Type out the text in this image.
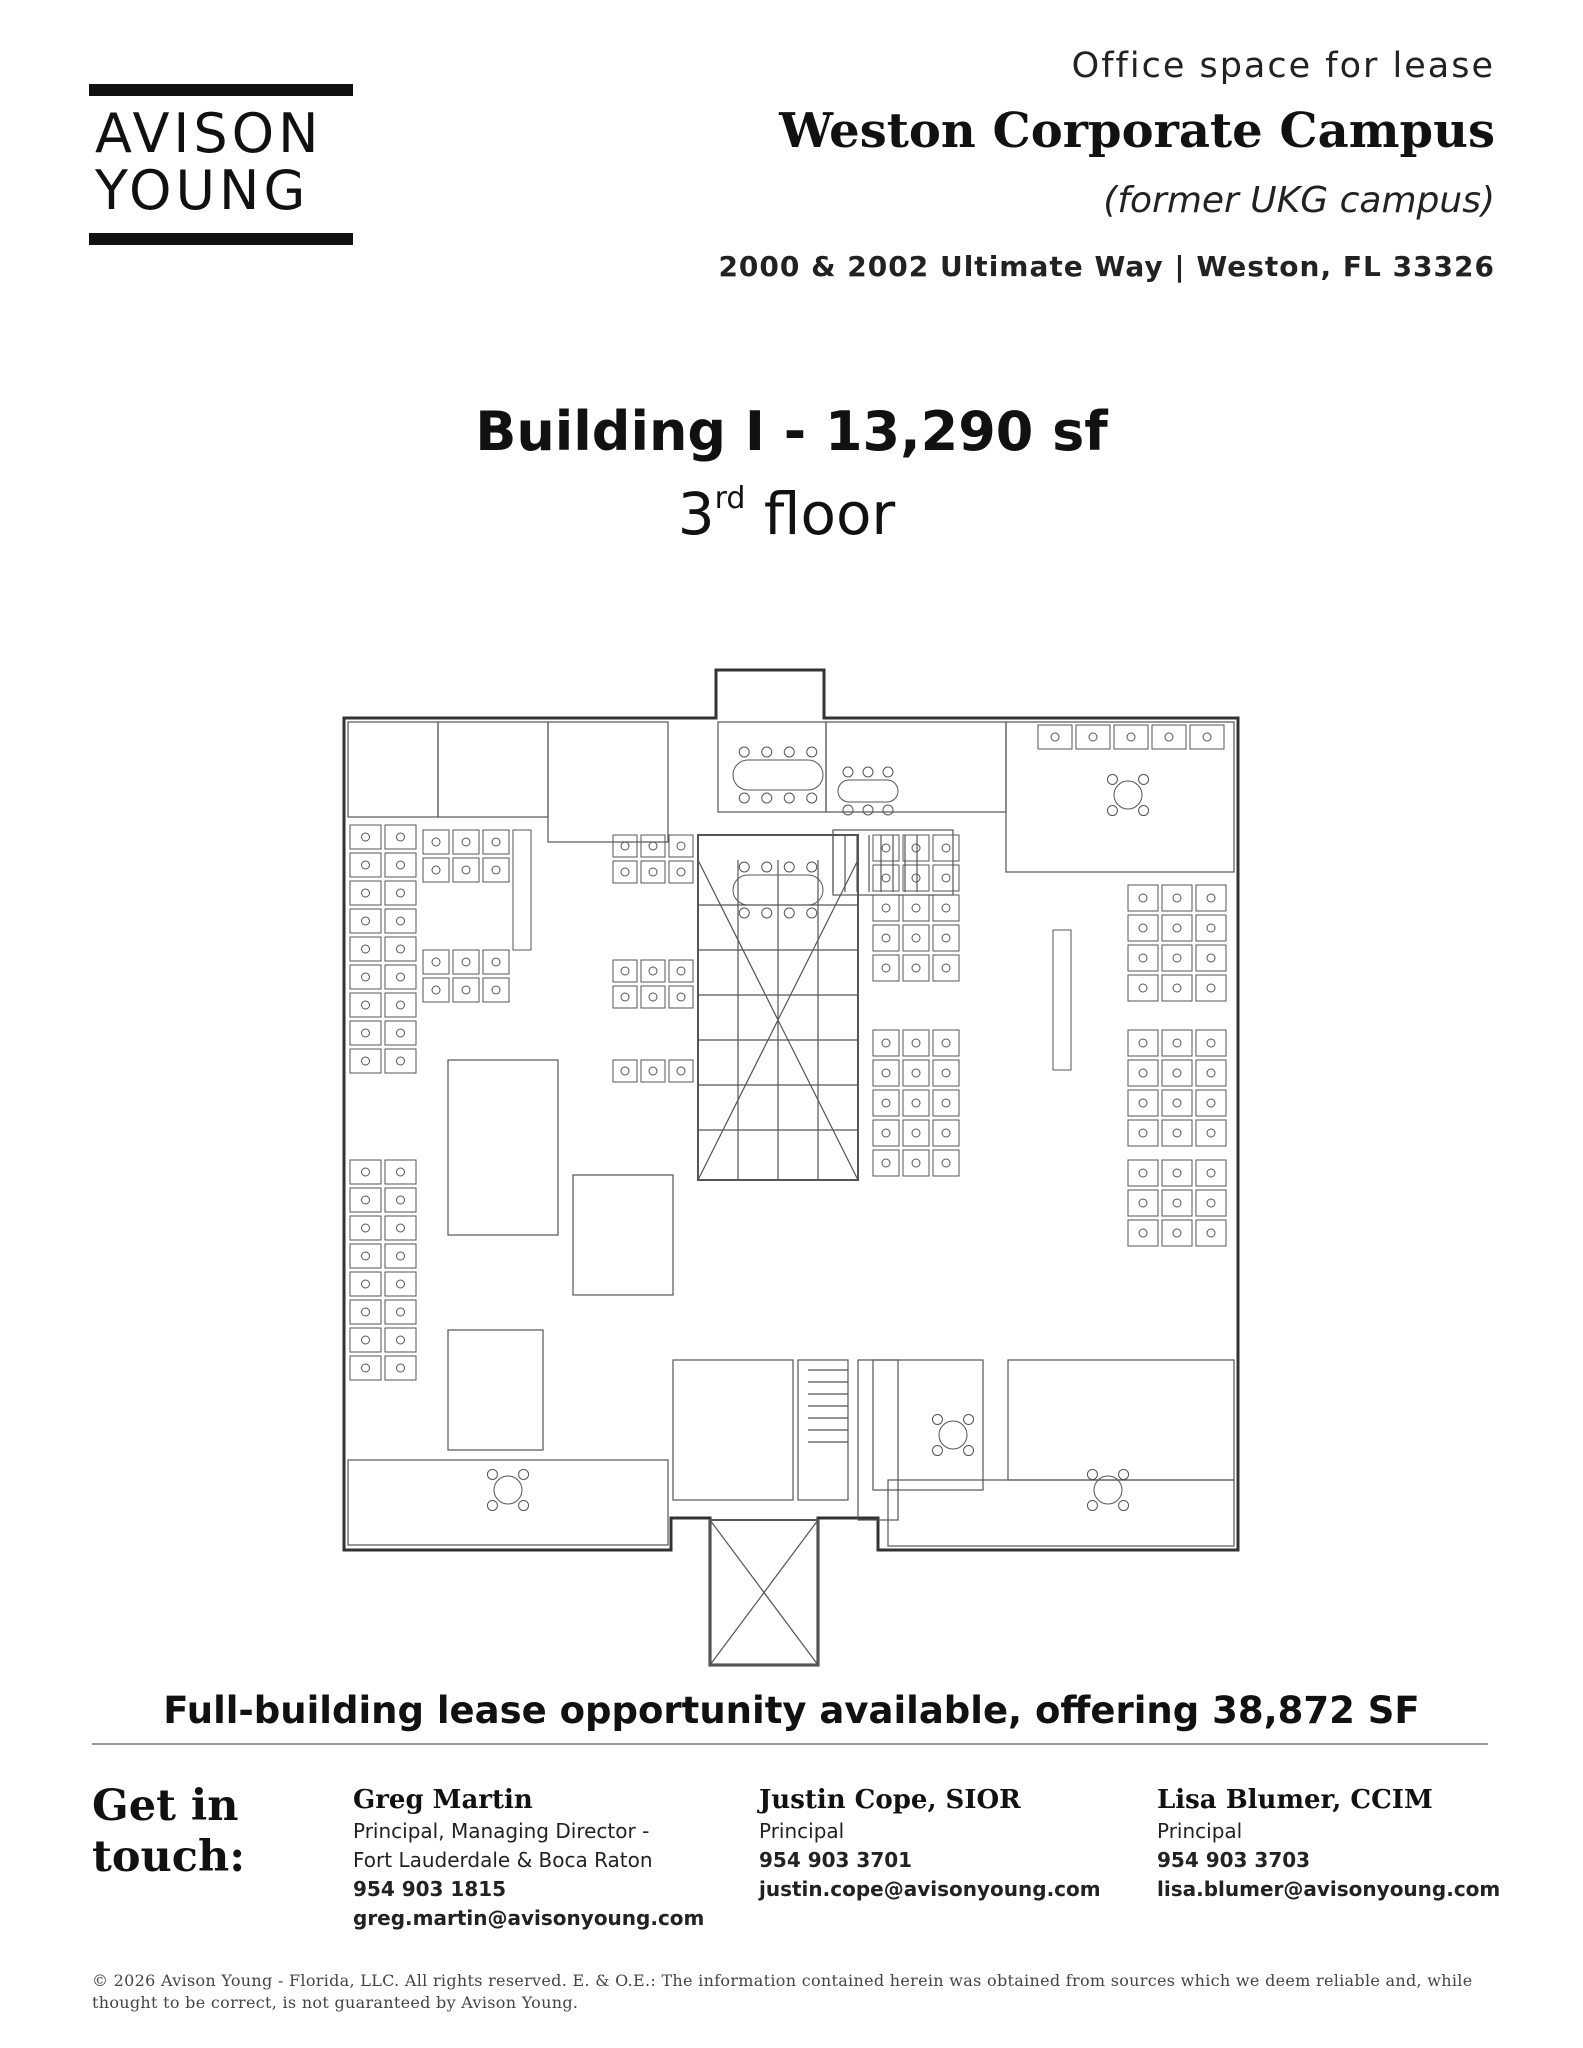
AVISON
YOUNG
Office space for lease
Weston Corporate Campus
(former UKG campus)
2000 & 2002 Ultimate Way | Weston, FL 33326
Building I - 13,290 sf
3rd floor
Full-building lease opportunity available, offering 38,872 SF
Get in
touch:
Greg Martin
Principal, Managing Director -
Fort Lauderdale & Boca Raton
954 903 1815
greg.martin@avisonyoung.com
Justin Cope, SIOR
Principal
954 903 3701
justin.cope@avisonyoung.com
Lisa Blumer, CCIM
Principal
954 903 3703
lisa.blumer@avisonyoung.com
© 2026 Avison Young - Florida, LLC. All rights reserved. E. & O.E.: The information contained herein was obtained from sources which we deem reliable and, while
thought to be correct, is not guaranteed by Avison Young.
